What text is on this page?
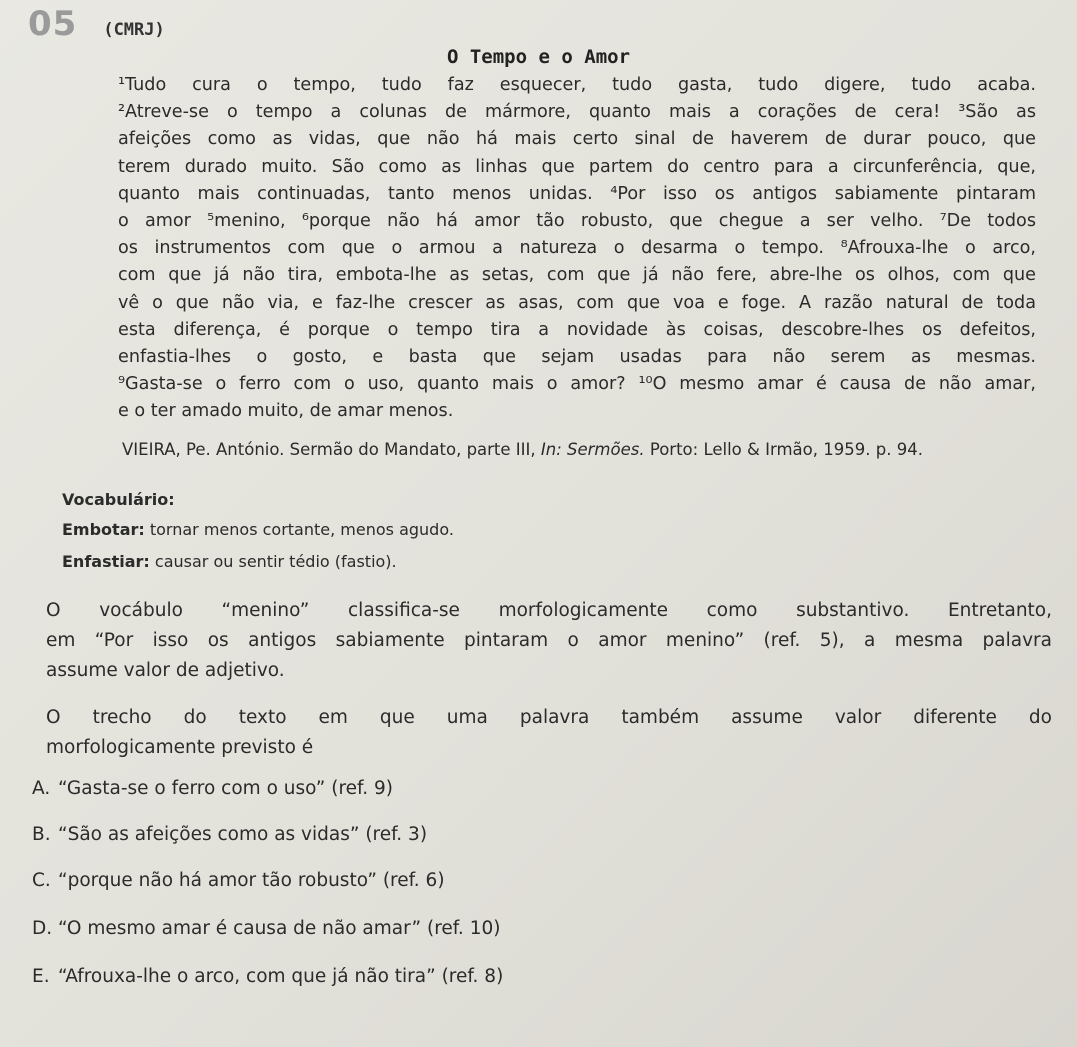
05 (CMRJ)
O Tempo e o Amor
¹Tudo cura o tempo, tudo faz esquecer, tudo gasta, tudo digere, tudo acaba.
²Atreve-se o tempo a colunas de mármore, quanto mais a corações de cera! ³São as
afeições como as vidas, que não há mais certo sinal de haverem de durar pouco, que
terem durado muito. São como as linhas que partem do centro para a circunferência, que,
quanto mais continuadas, tanto menos unidas. ⁴Por isso os antigos sabiamente pintaram
o amor ⁵menino, ⁶porque não há amor tão robusto, que chegue a ser velho. ⁷De todos
os instrumentos com que o armou a natureza o desarma o tempo. ⁸Afrouxa-lhe o arco,
com que já não tira, embota-lhe as setas, com que já não fere, abre-lhe os olhos, com que
vê o que não via, e faz-lhe crescer as asas, com que voa e foge. A razão natural de toda
esta diferença, é porque o tempo tira a novidade às coisas, descobre-lhes os defeitos,
enfastia-lhes o gosto, e basta que sejam usadas para não serem as mesmas.
⁹Gasta-se o ferro com o uso, quanto mais o amor? ¹⁰O mesmo amar é causa de não amar,
e o ter amado muito, de amar menos.
VIEIRA, Pe. António. Sermão do Mandato, parte III, In: Sermões. Porto: Lello & Irmão, 1959. p. 94.
Vocabulário:
Embotar: tornar menos cortante, menos agudo.
Enfastiar: causar ou sentir tédio (fastio).
O vocábulo “menino” classifica-se morfologicamente como substantivo. Entretanto,
em “Por isso os antigos sabiamente pintaram o amor menino” (ref. 5), a mesma palavra
assume valor de adjetivo.
O trecho do texto em que uma palavra também assume valor diferente do
morfologicamente previsto é
A. “Gasta-se o ferro com o uso” (ref. 9)
B. “São as afeições como as vidas” (ref. 3)
C. “porque não há amor tão robusto” (ref. 6)
D. “O mesmo amar é causa de não amar” (ref. 10)
E. “Afrouxa-lhe o arco, com que já não tira” (ref. 8)
